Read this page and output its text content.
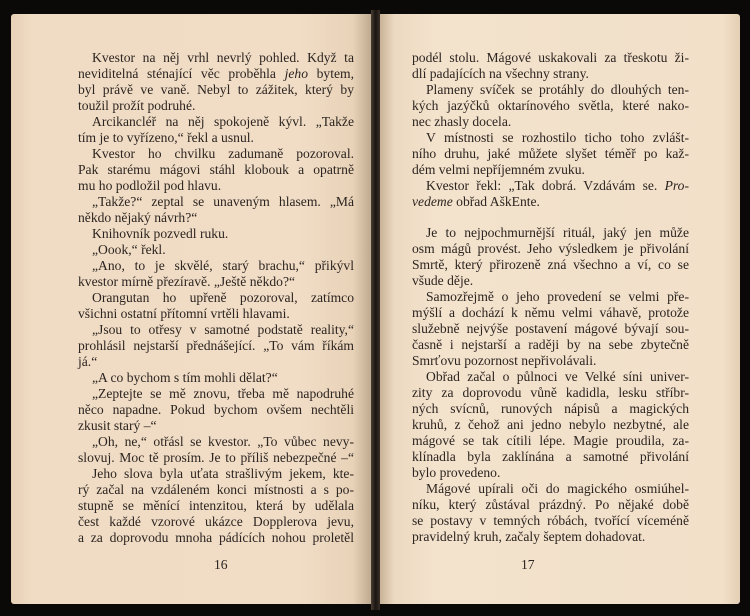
Kvestor na něj vrhl nevrlý pohled. Když ta
neviditelná sténající věc proběhla jeho bytem,
byl právě ve vaně. Nebyl to zážitek, který by
toužil prožít podruhé.
Arcikancléř na něj spokojeně kývl. „Takže
tím je to vyřízeno,“ řekl a usnul.
Kvestor ho chvilku zadumaně pozoroval.
Pak starému mágovi stáhl klobouk a opatrně
mu ho podložil pod hlavu.
„Takže?“ zeptal se unaveným hlasem. „Má
někdo nějaký návrh?“
Knihovník pozvedl ruku.
„Oook,“ řekl.
„Ano, to je skvělé, starý brachu,“ přikývl
kvestor mírně přezíravě. „Ještě někdo?“
Orangutan ho upřeně pozoroval, zatímco
všichni ostatní přítomní vrtěli hlavami.
„Jsou to otřesy v samotné podstatě reality,“
prohlásil nejstarší přednášející. „To vám říkám
já.“
„A co bychom s tím mohli dělat?“
„Zeptejte se mě znovu, třeba mě napodruhé
něco napadne. Pokud bychom ovšem nechtěli
zkusit starý –“
„Oh, ne,“ otřásl se kvestor. „To vůbec nevy-
slovuj. Moc tě prosím. Je to příliš nebezpečné –“
Jeho slova byla uťata strašlivým jekem, kte-
rý začal na vzdáleném konci místnosti a s po-
stupně se měnící intenzitou, která by udělala
čest každé vzorové ukázce Dopplerova jevu,
a za doprovodu mnoha pádících nohou proletěl
16
podél stolu. Mágové uskakovali za třeskotu ži-
dlí padajících na všechny strany.
Plameny svíček se protáhly do dlouhých ten-
kých jazýčků oktarínového světla, které nako-
nec zhasly docela.
V místnosti se rozhostilo ticho toho zvlášt-
ního druhu, jaké můžete slyšet téměř po kaž-
dém velmi nepříjemném zvuku.
Kvestor řekl: „Tak dobrá. Vzdávám se. Pro-
vedeme obřad AškEnte.
Je to nejpochmurnější rituál, jaký jen může
osm mágů provést. Jeho výsledkem je přivolání
Smrtě, který přirozeně zná všechno a ví, co se
všude děje.
Samozřejmě o jeho provedení se velmi pře-
mýšlí a dochází k němu velmi váhavě, protože
služebně nejvýše postavení mágové bývají sou-
časně i nejstarší a raději by na sebe zbytečně
Smrťovu pozornost nepřivolávali.
Obřad začal o půlnoci ve Velké síni univer-
zity za doprovodu vůně kadidla, lesku stříbr-
ných svícnů, runových nápisů a magických
kruhů, z čehož ani jedno nebylo nezbytné, ale
mágové se tak cítili lépe. Magie proudila, za-
klínadla byla zaklínána a samotné přivolání
bylo provedeno.
Mágové upírali oči do magického osmiúhel-
níku, který zůstával prázdný. Po nějaké době
se postavy v temných róbách, tvořící víceméně
pravidelný kruh, začaly šeptem dohadovat.
17
